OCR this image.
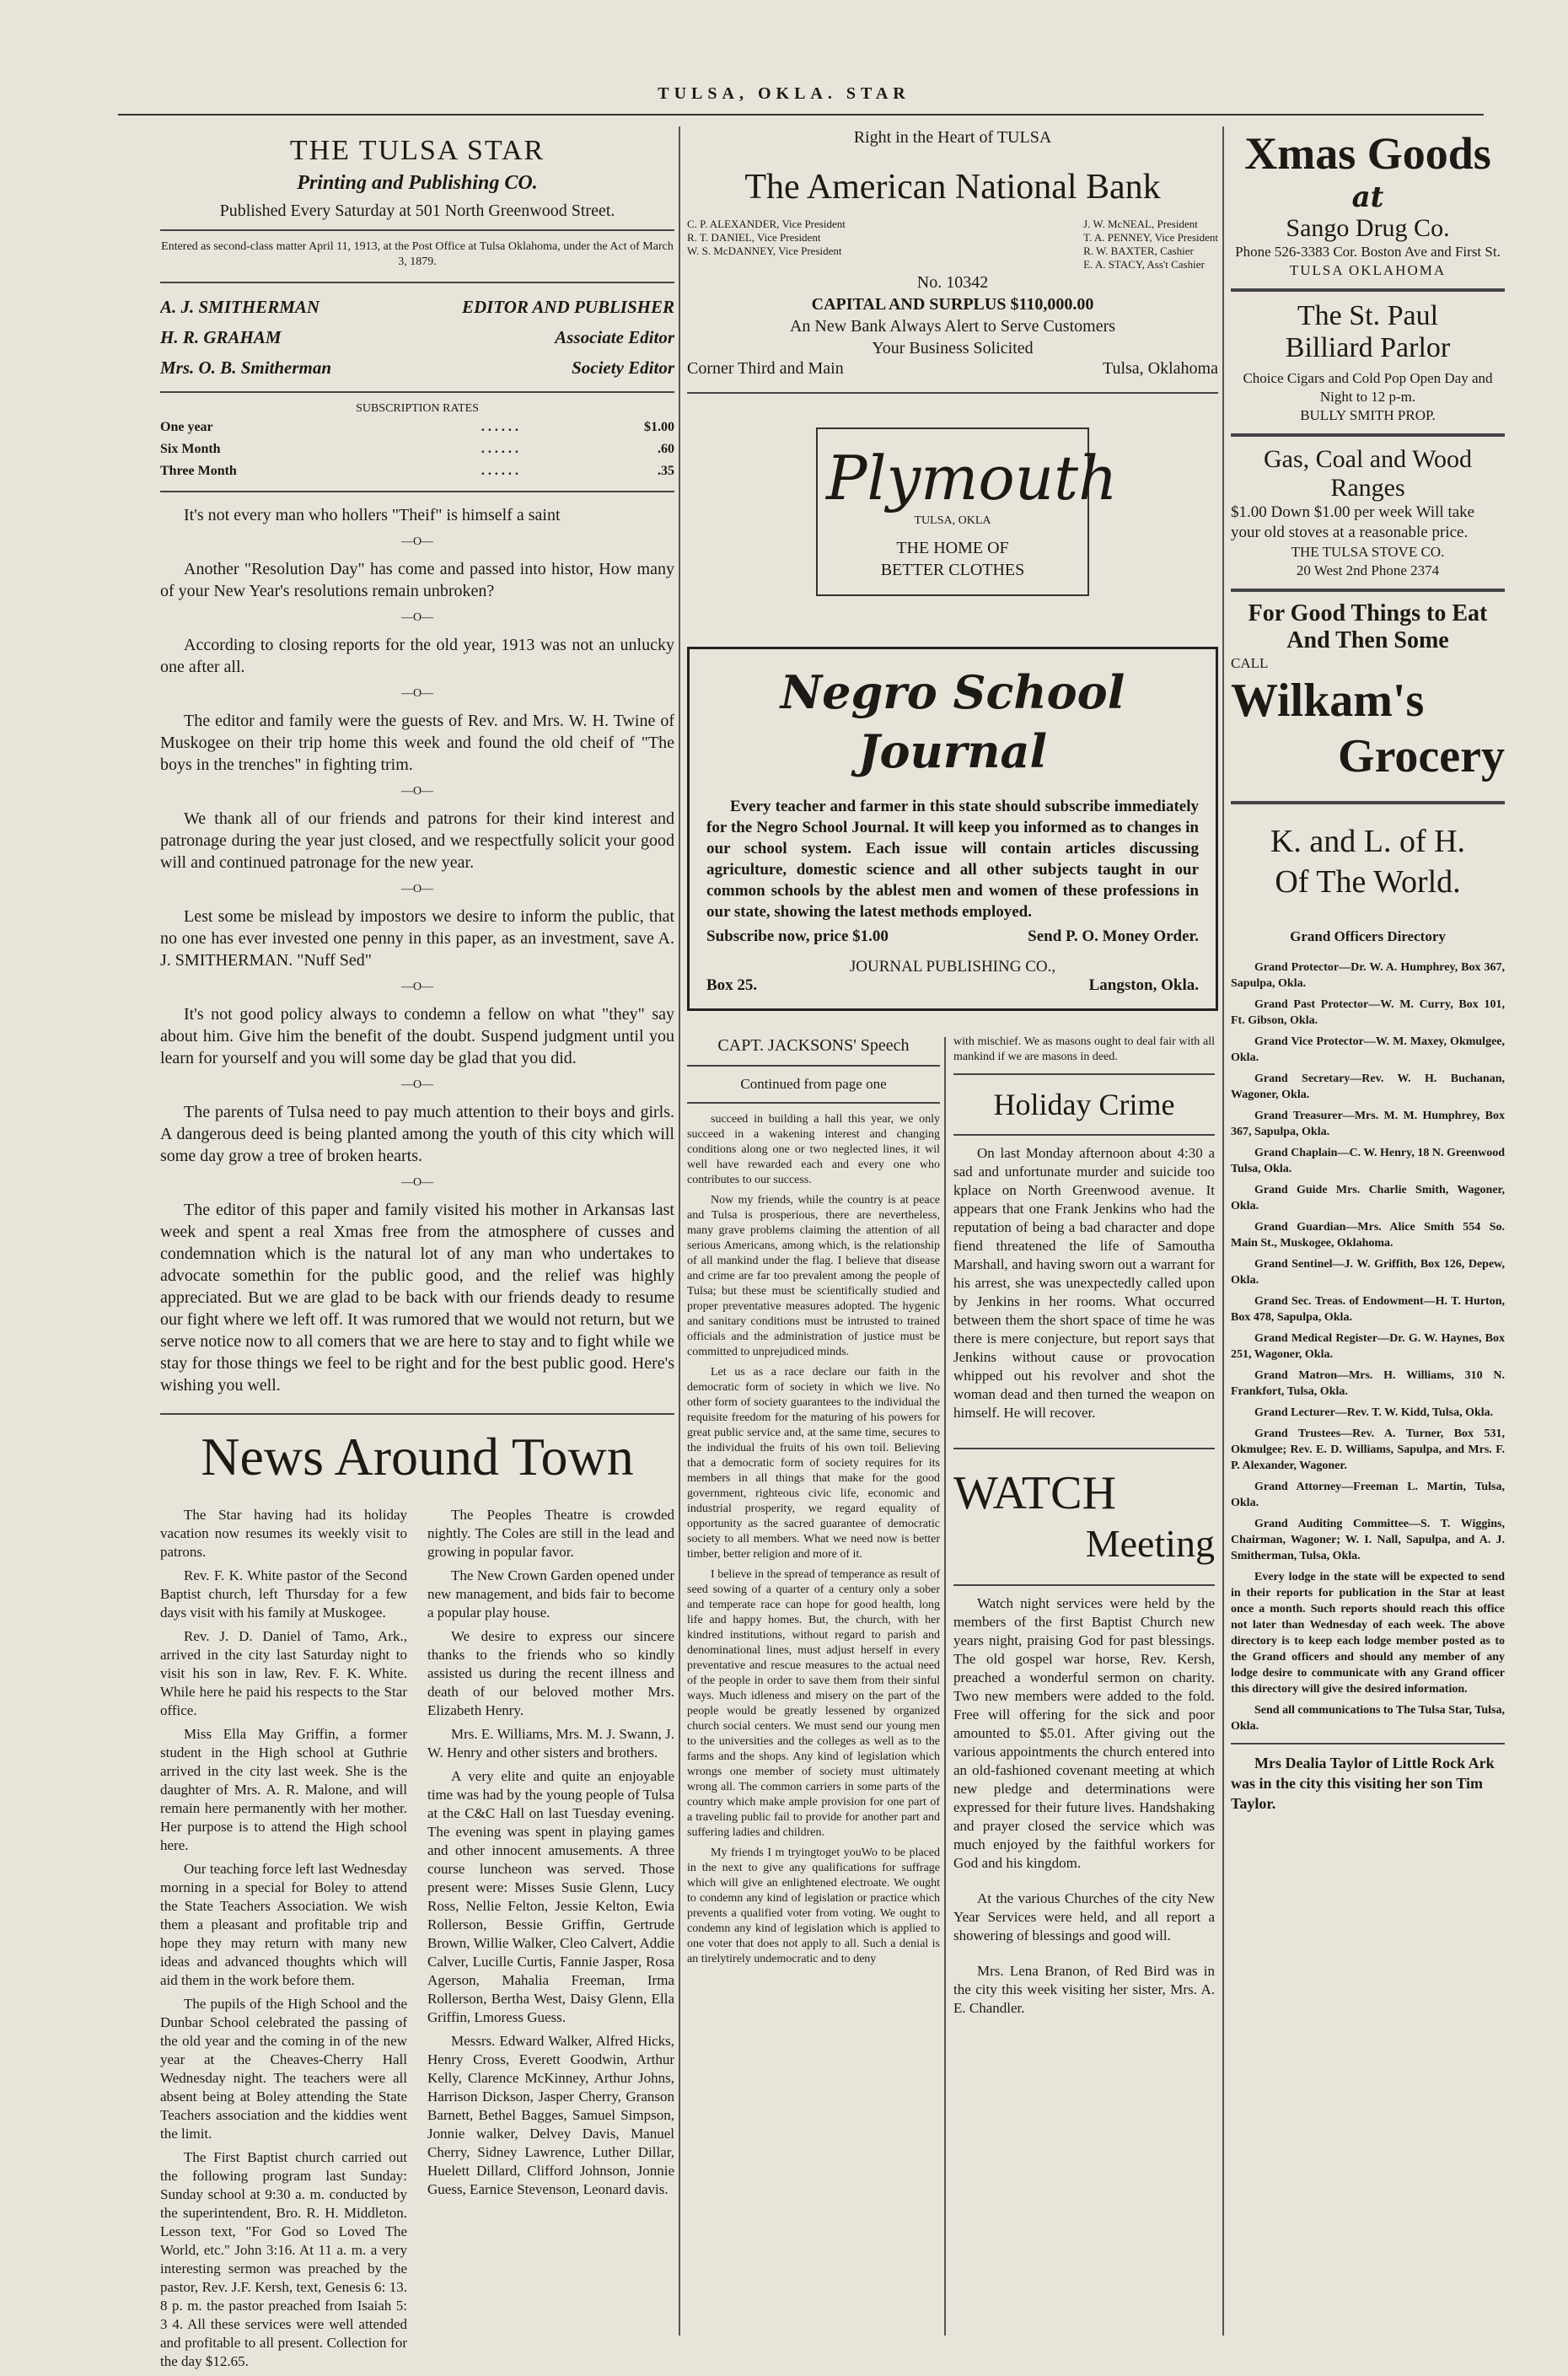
TULSA, OKLA. STAR
THE TULSA STAR
Printing and Publishing CO.
Published Every Saturday at 501 North Greenwood Street.
Entered as second-class matter April 11, 1913, at the Post Office at Tulsa Oklahoma, under the Act of March 3, 1879.
A. J. SMITHERMAN	EDITOR AND PUBLISHER
H. R. GRAHAM	Associate Editor
Mrs. O. B. Smitherman	Society Editor
SUBSCRIPTION RATES
One year	. . . . . .	$1.00
Six Month	. . . . . .	.60
Three Month	. . . . . .	.35

It's not every man who hollers "Theif" is himself a saint

—O—

Another "Resolution Day" has come and passed into histor, How many of your New Year's resolutions remain unbroken?

—O—

According to closing reports for the old year, 1913 was not an unlucky one after all.

—O—

The editor and family were the guests of Rev. and Mrs. W. H. Twine of Muskogee on their trip home this week and found the old cheif of "The boys in the trenches" in fighting trim.

—O—

We thank all of our friends and patrons for their kind interest and patronage during the year just closed, and we respectfully solicit your good will and continued patronage for the new year.

—O—

Lest some be mislead by impostors we desire to inform the public, that no one has ever invested one penny in this paper, as an investment, save A. J. SMITHERMAN. "Nuff Sed"

—O—

It's not good policy always to condemn a fellow on what "they" say about him. Give him the benefit of the doubt. Suspend judgment until you learn for yourself and you will some day be glad that you did.

—O—

The parents of Tulsa need to pay much attention to their boys and girls. A dangerous deed is being planted among the youth of this city which will some day grow a tree of broken hearts.

—O—

The editor of this paper and family visited his mother in Arkansas last week and spent a real Xmas free from the atmosphere of cusses and condemnation which is the natural lot of any man who undertakes to advocate somethin for the public good, and the relief was highly appreciated. But we are glad to be back with our friends deady to resume our fight where we left off. It was rumored that we would not return, but we serve notice now to all comers that we are here to stay and to fight while we stay for those things we feel to be right and for the best public good. Here's wishing you well.

News Around Town

The Star having had its holiday vacation now resumes its weekly visit to patrons.

Rev. F. K. White pastor of the Second Baptist church, left Thursday for a few days visit with his family at Muskogee.

Rev. J. D. Daniel of Tamo, Ark., arrived in the city last Saturday night to visit his son in law, Rev. F. K. White. While here he paid his respects to the Star office.

Miss Ella May Griffin, a former student in the High school at Guthrie arrived in the city last week. She is the daughter of Mrs. A. R. Malone, and will remain here permanently with her mother. Her purpose is to attend the High school here.

Our teaching force left last Wednesday morning in a special for Boley to attend the State Teachers Association. We wish them a pleasant and profitable trip and hope they may return with many new ideas and advanced thoughts which will aid them in the work before them.

The pupils of the High School and the Dunbar School celebrated the passing of the old year and the coming in of the new year at the Cheaves-Cherry Hall Wednesday night. The teachers were all absent being at Boley attending the State Teachers association and the kiddies went the limit.

The First Baptist church carried out the following program last Sunday: Sunday school at 9:30 a. m. conducted by the superintendent, Bro. R. H. Middleton. Lesson text, "For God so Loved The World, etc." John 3:16. At 11 a. m. a very interesting sermon was preached by the pastor, Rev. J.F. Kersh, text, Genesis 6: 13. 8 p. m. the pastor preached from Isaiah 5: 3 4. All these services were well attended and profitable to all present. Collection for the day $12.65.

The Peoples Theatre is crowded nightly. The Coles are still in the lead and growing in popular favor.

The New Crown Garden opened under new management, and bids fair to become a popular play house.

We desire to express our sincere thanks to the friends who so kindly assisted us during the recent illness and death of our beloved mother Mrs. Elizabeth Henry.

Mrs. E. Williams, Mrs. M. J. Swann, J. W. Henry and other sisters and brothers.

A very elite and quite an enjoyable time was had by the young people of Tulsa at the C&C Hall on last Tuesday evening. The evening was spent in playing games and other innocent amusements. A three course luncheon was served. Those present were: Misses Susie Glenn, Lucy Ross, Nellie Felton, Jessie Kelton, Ewia Rollerson, Bessie Griffin, Gertrude Brown, Willie Walker, Cleo Calvert, Addie Calver, Lucille Curtis, Fannie Jasper, Rosa Agerson, Mahalia Freeman, Irma Rollerson, Bertha West, Daisy Glenn, Ella Griffin, Lmoress Guess.

Messrs. Edward Walker, Alfred Hicks, Henry Cross, Everett Goodwin, Arthur Kelly, Clarence McKinney, Arthur Johns, Harrison Dickson, Jasper Cherry, Granson Barnett, Bethel Bagges, Samuel Simpson, Jonnie walker, Delvey Davis, Manuel Cherry, Sidney Lawrence, Luther Dillar, Huelett Dillard, Clifford Johnson, Jonnie Guess, Earnice Stevenson, Leonard davis.

Right in the Heart of TULSA
The American National Bank
C. P. ALEXANDER, Vice President
R. T. DANIEL, Vice President
W. S. McDANNEY, Vice President
J. W. McNEAL, President
T. A. PENNEY, Vice President
R. W. BAXTER, Cashier
E. A. STACY, Ass't Cashier
No. 10342
CAPITAL AND SURPLUS $110,000.00
An New Bank Always Alert to Serve Customers
Your Business Solicited
Corner Third and Main	Tulsa, Oklahoma
Plymouth
TULSA, OKLA
THE HOME OF
BETTER CLOTHES
Negro School Journal

Every teacher and farmer in this state should subscribe immediately for the Negro School Journal. It will keep you informed as to changes in our school system. Each issue will contain articles discussing agriculture, domestic science and all other subjects taught in our common schools by the ablest men and women of these professions in our state, showing the latest methods employed.

Subscribe now, price $1.00	Send P. O. Money Order.
JOURNAL PUBLISHING CO.,
Box 25.	Langston, Okla.
CAPT. JACKSONS' Speech
Continued from page one

succeed in building a hall this year, we only succeed in a wakening interest and changing conditions along one or two neglected lines, it wil well have rewarded each and every one who contributes to our success.

Now my friends, while the country is at peace and Tulsa is prosperious, there are nevertheless, many grave problems claiming the attention of all serious Americans, among which, is the relationship of all mankind under the flag. I believe that disease and crime are far too prevalent among the people of Tulsa; but these must be scientifically studied and proper preventative measures adopted. The hygenic and sanitary conditions must be intrusted to trained officials and the administration of justice must be committed to unprejudiced minds.

Let us as a race declare our faith in the democratic form of society in which we live. No other form of society guarantees to the individual the requisite freedom for the maturing of his powers for great public service and, at the same time, secures to the individual the fruits of his own toil. Believing that a democratic form of society requires for its members in all things that make for the good government, righteous civic life, economic and industrial prosperity, we regard equality of opportunity as the sacred guarantee of democratic society to all members. What we need now is better timber, better religion and more of it.

I believe in the spread of temperance as result of seed sowing of a quarter of a century only a sober and temperate race can hope for good health, long life and happy homes. But, the church, with her kindred institutions, without regard to parish and denominational lines, must adjust herself in every preventative and rescue measures to the actual need of the people in order to save them from their sinful ways. Much idleness and misery on the part of the people would be greatly lessened by organized church social centers. We must send our young men to the universities and the colleges as well as to the farms and the shops. Any kind of legislation which wrongs one member of society must ultimately wrong all. The common carriers in some parts of the country which make ample provision for one part of a traveling public fail to provide for another part and suffering ladies and children.

My friends I m tryingtoget youWo to be placed in the next to give any qualifications for suffrage which will give an enlightened electroate. We ought to condemn any kind of legislation or practice which prevents a qualified voter from voting. We ought to condemn any kind of legislation which is applied to one voter that does not apply to all. Such a denial is an tirelytirely undemocratic and to deny

with mischief. We as masons ought to deal fair with all mankind if we are masons in deed.

Holiday Crime

On last Monday afternoon about 4:30 a sad and unfortunate murder and suicide too kplace on North Greenwood avenue. It appears that one Frank Jenkins who had the reputation of being a bad character and dope fiend threatened the life of Samoutha Marshall, and having sworn out a warrant for his arrest, she was unexpectedly called upon by Jenkins in her rooms. What occurred between them the short space of time he was there is mere conjecture, but report says that Jenkins without cause or provocation whipped out his revolver and shot the woman dead and then turned the weapon on himself. He will recover.

WATCH
Meeting

Watch night services were held by the members of the first Baptist Church new years night, praising God for past blessings. The old gospel war horse, Rev. Kersh, preached a wonderful sermon on charity. Two new members were added to the fold. Free will offering for the sick and poor amounted to $5.01. After giving out the various appointments the church entered into an old-fashioned covenant meeting at which new pledge and determinations were expressed for their future lives. Handshaking and prayer closed the service which was much enjoyed by the faithful workers for God and his kingdom.

At the various Churches of the city New Year Services were held, and all report a showering of blessings and good will.

Mrs. Lena Branon, of Red Bird was in the city this week visiting her sister, Mrs. A. E. Chandler.

Xmas Goods
at
Sango Drug Co.
Phone 526-3383 Cor. Boston Ave and First St.
TULSA OKLAHOMA
The St. Paul
Billiard Parlor
Choice Cigars and Cold Pop Open Day and Night to 12 p-m.
BULLY SMITH PROP.
Gas, Coal and Wood
Ranges
$1.00 Down $1.00 per week Will take your old stoves at a reasonable price.
THE TULSA STOVE CO.
20 West 2nd Phone 2374
For Good Things to Eat
And Then Some
CALL
Wilkam's
Grocery
K. and L. of H.
Of The World.
Grand Officers Directory

Grand Protector—Dr. W. A. Humphrey, Box 367, Sapulpa, Okla.

Grand Past Protector—W. M. Curry, Box 101, Ft. Gibson, Okla.

Grand Vice Protector—W. M. Maxey, Okmulgee, Okla.

Grand Secretary—Rev. W. H. Buchanan, Wagoner, Okla.

Grand Treasurer—Mrs. M. M. Humphrey, Box 367, Sapulpa, Okla.

Grand Chaplain—C. W. Henry, 18 N. Greenwood Tulsa, Okla.

Grand Guide Mrs. Charlie Smith, Wagoner, Okla.

Grand Guardian—Mrs. Alice Smith 554 So. Main St., Muskogee, Oklahoma.

Grand Sentinel—J. W. Griffith, Box 126, Depew, Okla.

Grand Sec. Treas. of Endowment—H. T. Hurton, Box 478, Sapulpa, Okla.

Grand Medical Register—Dr. G. W. Haynes, Box 251, Wagoner, Okla.

Grand Matron—Mrs. H. Williams, 310 N. Frankfort, Tulsa, Okla.

Grand Lecturer—Rev. T. W. Kidd, Tulsa, Okla.

Grand Trustees—Rev. A. Turner, Box 531, Okmulgee; Rev. E. D. Williams, Sapulpa, and Mrs. F. P. Alexander, Wagoner.

Grand Attorney—Freeman L. Martin, Tulsa, Okla.

Grand Auditing Committee—S. T. Wiggins, Chairman, Wagoner; W. I. Nall, Sapulpa, and A. J. Smitherman, Tulsa, Okla.

Every lodge in the state will be expected to send in their reports for publication in the Star at least once a month. Such reports should reach this office not later than Wednesday of each week. The above directory is to keep each lodge member posted as to the Grand officers and should any member of any lodge desire to communicate with any Grand officer this directory will give the desired information.

Send all communications to The Tulsa Star, Tulsa, Okla.

Mrs Dealia Taylor of Little Rock Ark was in the city this visiting her son Tim Taylor.
